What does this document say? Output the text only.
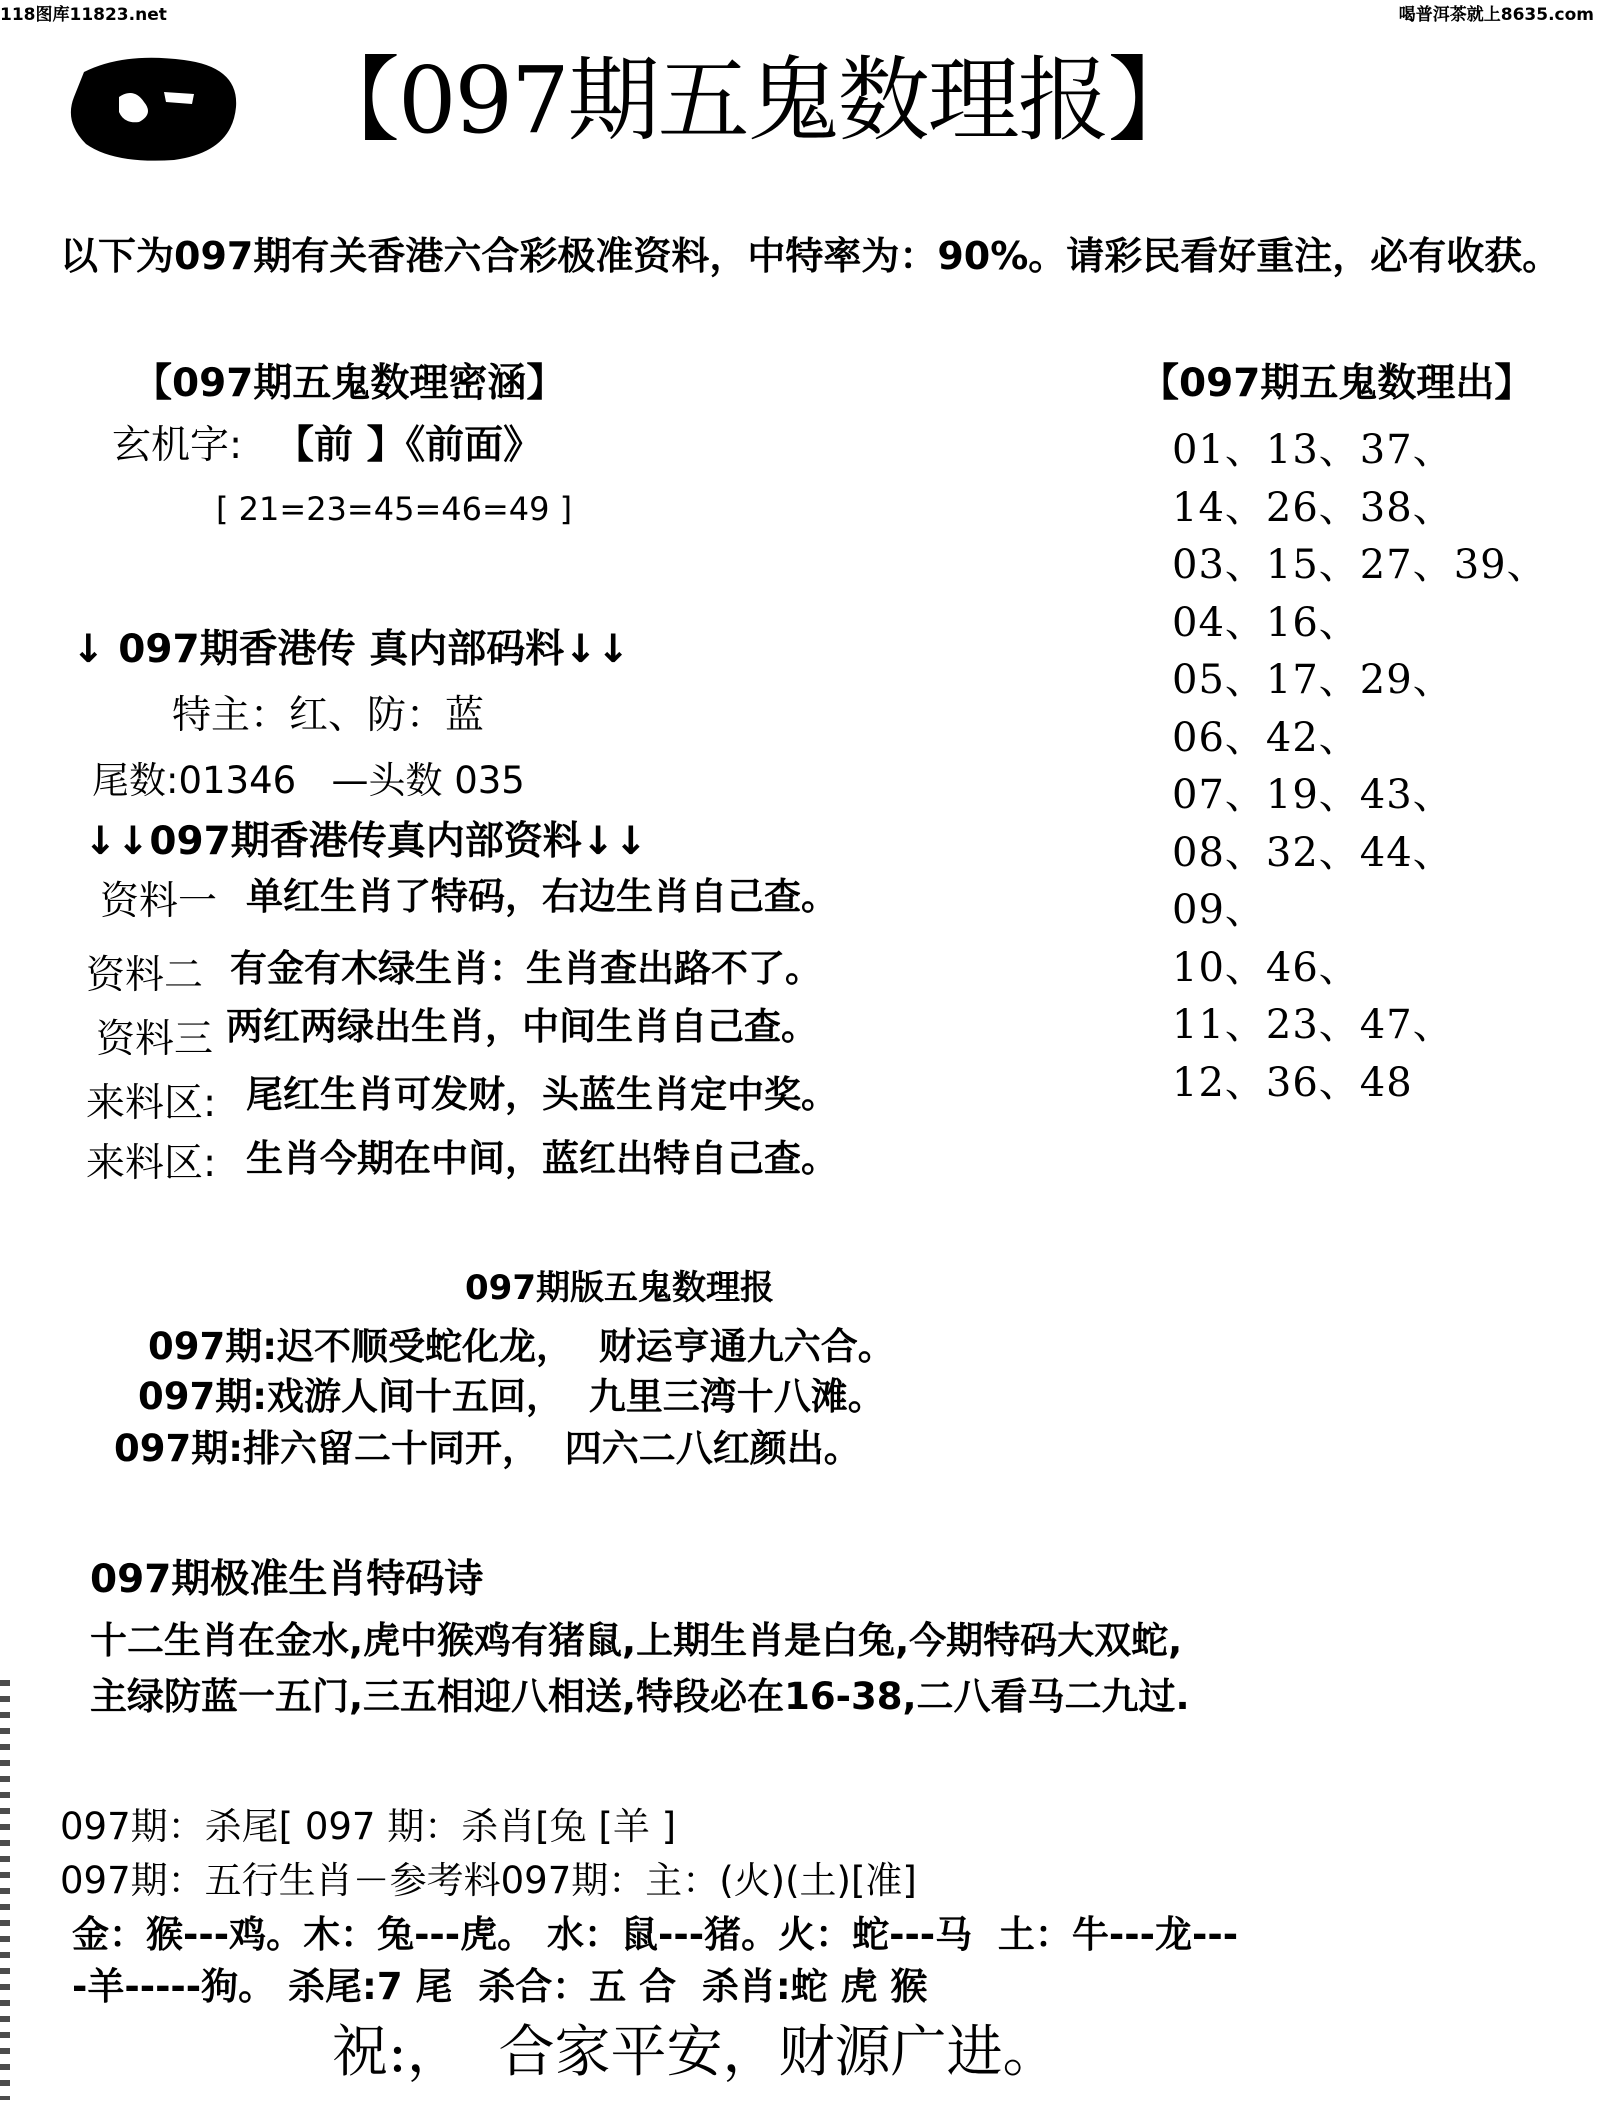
118图库11823.net	喝普洱茶就上8635.com
【097期五鬼数理报】
以下为097期有关香港六合彩极准资料，中特率为：90%。请彩民看好重注，必有收获。
【097期五鬼数理密涵】
玄机字: 【前 】《前面》
[ 21=23=45=46=49 ]
↓ 097期香港传 真内部码料↓↓
特主：红、防：蓝
尾数:01346   —头数 035
↓↓097期香港传真内部资料↓↓
资料一 单红生肖了特码，右边生肖自己查。
资料二 有金有木绿生肖：生肖查出路不了。
资料三 两红两绿出生肖，中间生肖自己查。
来料区: 尾红生肖可发财，头蓝生肖定中奖。
来料区: 生肖今期在中间，蓝红出特自己查。
【097期五鬼数理出】
01、13、37、
14、26、38、
03、15、27、39、
04、16、
05、17、29、
06、42、
07、19、43、
08、32、44、
09、
10、46、
11、23、47、
12、36、48
097期版五鬼数理报
097期:迟不顺受蛇化龙，  财运亨通九六合。
097期:戏游人间十五回，  九里三湾十八滩。
097期:排六留二十同开，  四六二八红颜出。
097期极准生肖特码诗
十二生肖在金水,虎中猴鸡有猪鼠,上期生肖是白兔,今期特码大双蛇,
主绿防蓝一五门,三五相迎八相送,特段必在16-38,二八看马二九过.
097期：杀尾[ 097 期：杀肖[兔 [羊 ]
097期：五行生肖－参考料097期：主：(火)(土)[准]
金：猴---鸡。木：兔---虎。 水：鼠---猪。火：蛇---马  土：牛---龙---
-羊-----狗。 杀尾:7 尾  杀合：五 合  杀肖:蛇 虎 猴
祝:，  合家平安，财源广进。
